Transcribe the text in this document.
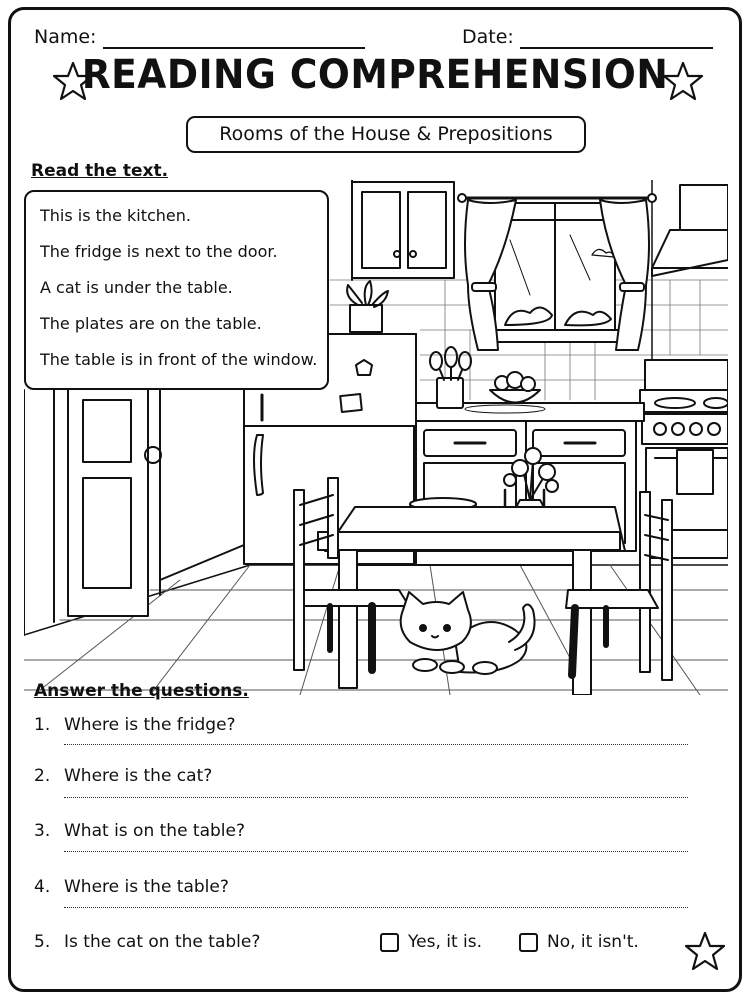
Name:	Date:
READING COMPREHENSION
Rooms of the House & Prepositions
Read the text.
This is the kitchen.
The fridge is next to the door.
A cat is under the table.
The plates are on the table.
The table is in front of the window.
Answer the questions.
1. Where is the fridge?
2. Where is the cat?
3. What is on the table?
4. Where is the table?
5. Is the cat on the table?	Yes, it is.	No, it isn't.
